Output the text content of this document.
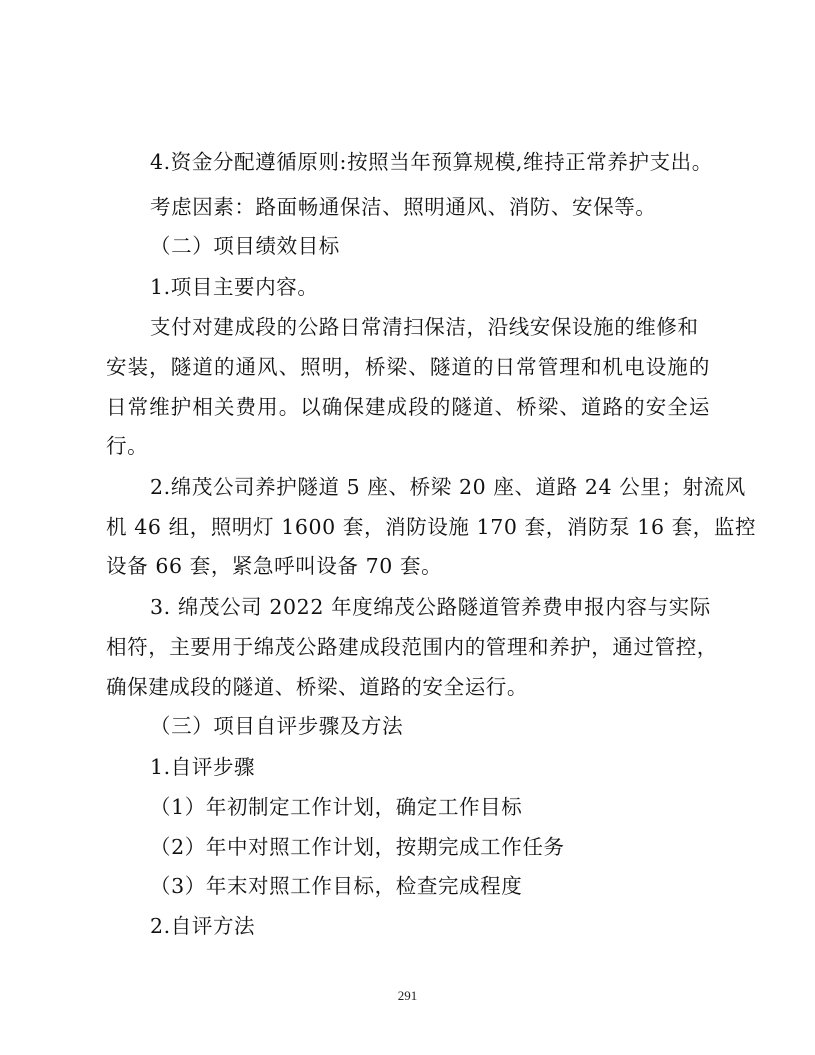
4.资金分配遵循原则:按照当年预算规模,维持正常养护支出。
考虑因素：路面畅通保洁、照明通风、消防、安保等。
（二）项目绩效目标
1.项目主要内容。
支付对建成段的公路日常清扫保洁，沿线安保设施的维修和
安装，隧道的通风、照明，桥梁、隧道的日常管理和机电设施的
日常维护相关费用。以确保建成段的隧道、桥梁、道路的安全运
行。
2.绵茂公司养护隧道 5 座、桥梁 20 座、道路 24 公里；射流风
机 46 组，照明灯 1600 套，消防设施 170 套，消防泵 16 套，监控
设备 66 套，紧急呼叫设备 70 套。
3. 绵茂公司 2022 年度绵茂公路隧道管养费申报内容与实际
相符，主要用于绵茂公路建成段范围内的管理和养护，通过管控，
确保建成段的隧道、桥梁、道路的安全运行。
（三）项目自评步骤及方法
1.自评步骤
（1）年初制定工作计划，确定工作目标
（2）年中对照工作计划，按期完成工作任务
（3）年末对照工作目标，检查完成程度
2.自评方法
291
